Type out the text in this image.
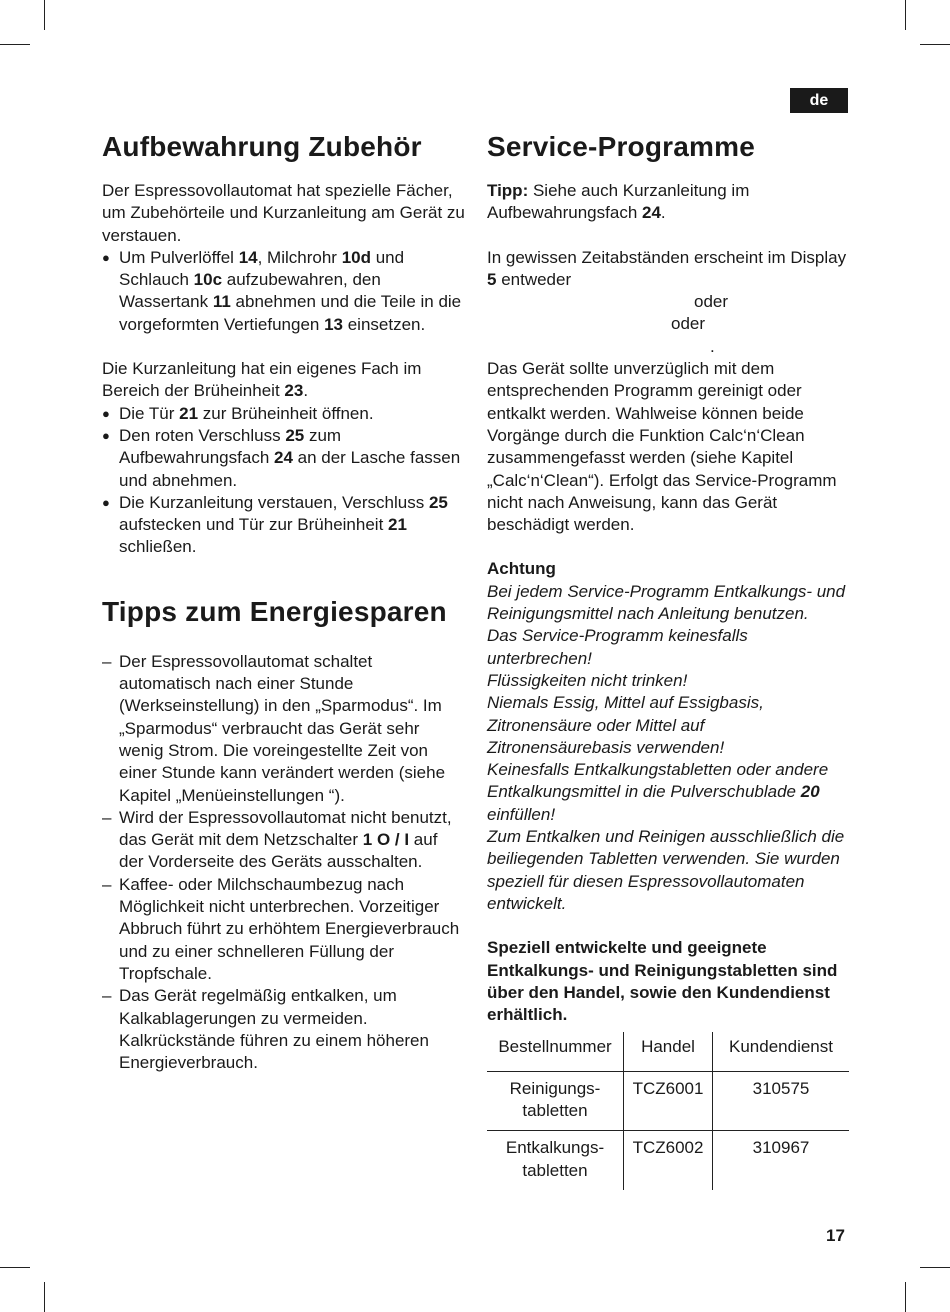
de
Aufbewahrung Zubehör

Der Espressovollautomat hat spezielle Fächer, um Zubehörteile und Kurzanleitung am Gerät zu verstauen.

● Um Pulverlöffel 14, Milchrohr 10d und Schlauch 10c aufzubewahren, den Wassertank 11 abnehmen und die Teile in die vorgeformten Vertiefungen 13 einsetzen.

Die Kurzanleitung hat ein eigenes Fach im Bereich der Brüheinheit 23.

● Die Tür 21 zur Brüheinheit öffnen.
● Den roten Verschluss 25 zum Aufbewahrungsfach 24 an der Lasche fassen und abnehmen.
● Die Kurzanleitung verstauen, Verschluss 25 aufstecken und Tür zur Brüheinheit 21 schließen.
Tipps zum Energiesparen
– Der Espressovollautomat schaltet automatisch nach einer Stunde (Werkseinstellung) in den „Sparmodus“. Im „Sparmodus“ verbraucht das Gerät sehr wenig Strom. Die voreingestellte Zeit von einer Stunde kann verändert werden (siehe Kapitel „Menüeinstellungen “).
– Wird der Espressovollautomat nicht benutzt, das Gerät mit dem Netzschalter 1 O / I auf der Vorderseite des Geräts ausschalten.
– Kaffee- oder Milchschaumbezug nach Möglichkeit nicht unterbrechen. Vorzeitiger Abbruch führt zu erhöhtem Energieverbrauch und zu einer schnelleren Füllung der Tropfschale.
– Das Gerät regelmäßig entkalken, um Kalkablagerungen zu vermeiden. Kalkrückstände führen zu einem höheren Energieverbrauch.
Service-Programme

Tipp: Siehe auch Kurzanleitung im Aufbewahrungsfach 24.

In gewissen Zeitabständen erscheint im Display 5 entweder

oder

oder

.

Das Gerät sollte unverzüglich mit dem entsprechenden Programm gereinigt oder entkalkt werden. Wahlweise können beide Vorgänge durch die Funktion Calc‘n‘Clean zusammengefasst werden (siehe Kapitel „Calc‘n‘Clean“). Erfolgt das Service-Programm nicht nach Anweisung, kann das Gerät beschädigt werden.

Achtung

Bei jedem Service-Programm Entkalkungs- und Reinigungsmittel nach Anleitung benutzen.

Das Service-Programm keinesfalls unterbrechen!

Flüssigkeiten nicht trinken!

Niemals Essig, Mittel auf Essigbasis, Zitronensäure oder Mittel auf Zitronensäurebasis verwenden!

Keinesfalls Entkalkungstabletten oder andere Entkalkungsmittel in die Pulverschublade 20 einfüllen!

Zum Entkalken und Reinigen ausschließlich die beiliegenden Tabletten verwenden. Sie wurden speziell für diesen Espressovollautomaten entwickelt.

Speziell entwickelte und geeignete Entkalkungs- und Reinigungstabletten sind über den Handel, sowie den Kundendienst erhältlich.

Bestellnummer	Handel	Kundendienst
Reinigungs- tabletten	TCZ6001	310575
Entkalkungs- tabletten	TCZ6002	310967
17
